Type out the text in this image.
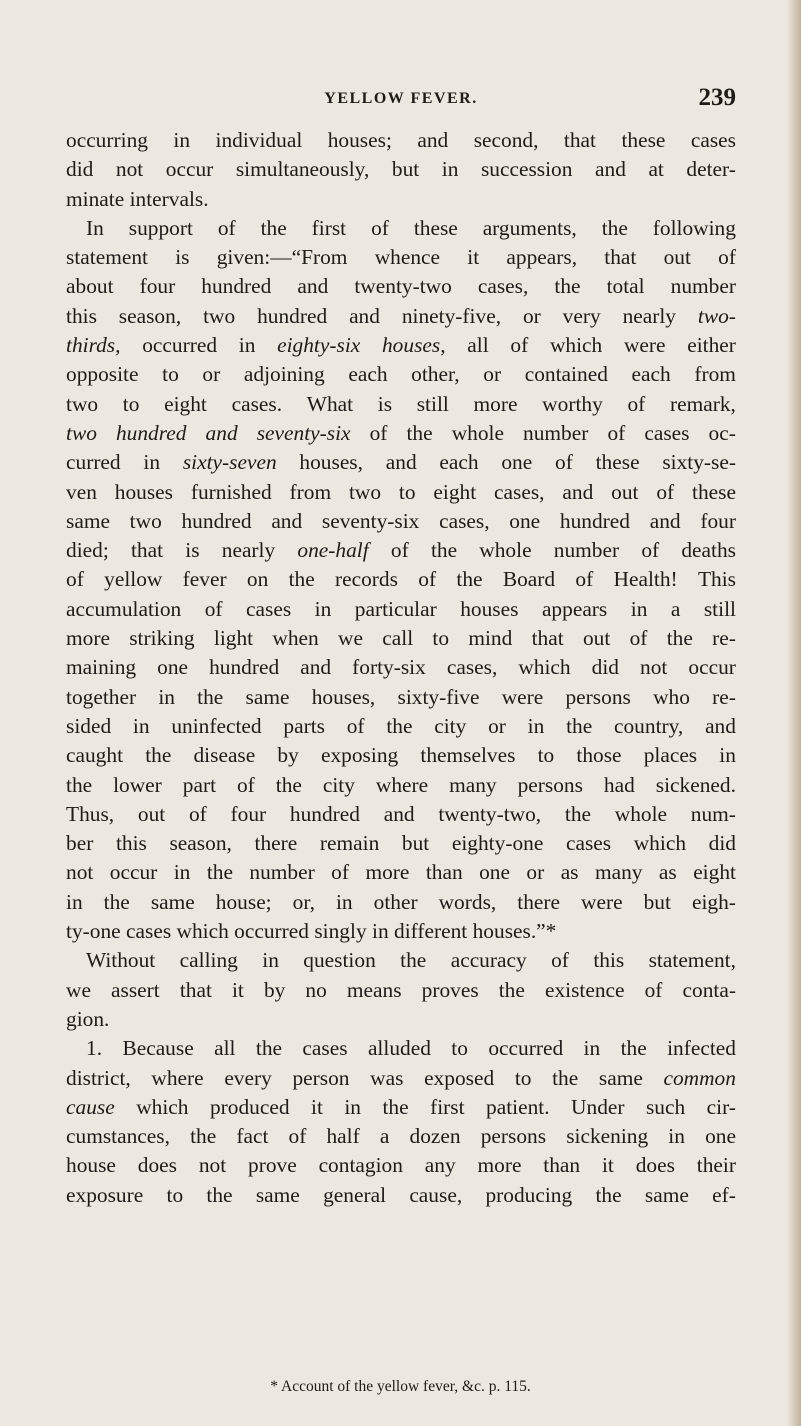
YELLOW FEVER.	239
occurring in individual houses; and second, that these cases
did not occur simultaneously, but in succession and at deter-
minate
intervals.
In support of the first of these arguments, the following
statement is given:—“From whence it appears, that out of
about four hundred and twenty-two cases, the total number
this season, two hundred and ninety-five, or very nearly two-
thirds, occurred in eighty-six houses, all of which were either
opposite to or adjoining each other, or contained each from
two to eight cases. What is still more worthy of remark,
two hundred and seventy-six of the whole number of cases oc-
curred in sixty-seven houses, and each one of these sixty-se-
ven houses furnished from two to eight cases, and out of these
same two hundred and seventy-six cases, one hundred and four
died; that is nearly one-half of the whole number of deaths
of yellow fever on the records of the Board of Health! This
accumulation of cases in particular houses appears in a still
more striking light when we call to mind that out of the re-
maining one hundred and forty-six cases, which did not occur
together in the same houses, sixty-five were persons who re-
sided in uninfected parts of the city or in the country, and
caught the disease by exposing themselves to those places in
the lower part of the city where many persons had sickened.
Thus, out of four hundred and twenty-two, the whole num-
ber this season, there remain but eighty-one cases which did
not occur in the number of more than one or as many as eight
in the same house; or, in other words, there were but eigh-
ty-one
cases
which
occurred
singly
in
different
houses.”*
Without calling in question the accuracy of this statement,
we assert that it by no means proves the existence of conta-
gion.
1. Because all the cases alluded to occurred in the infected
district, where every person was exposed to the same common
cause which produced it in the first patient. Under such cir-
cumstances, the fact of half a dozen persons sickening in one
house does not prove contagion any more than it does their
exposure to the same general cause, producing the same ef-
* Account of the yellow fever, &c. p. 115.
